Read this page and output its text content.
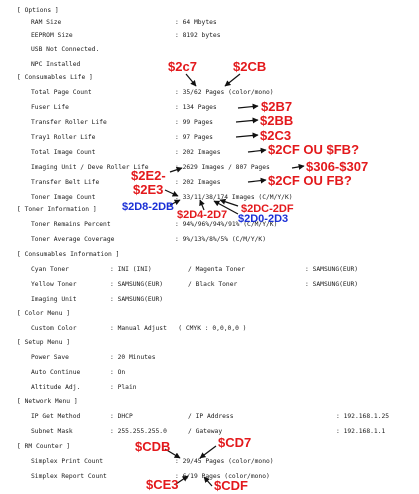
[ Options ]
RAM Size	: 64 Mbytes
EEPROM Size	: 8192 bytes
USB Not Connected.
NPC Installed
[ Consumables Life ]
Total Page Count	: 35/62 Pages (color/mono)
Fuser Life	: 134 Pages
Transfer Roller Life	: 99 Pages
Tray1 Roller Life	: 97 Pages
Total Image Count	: 202 Images
Imaging Unit / Deve Roller Life	: 2629 Images / 807 Pages
Transfer Belt Life	: 202 Images
Toner Image Count	: 33/11/38/174 Images (C/M/Y/K)
[ Toner Information ]
Toner Remains Percent	: 94%/96%/94%/91% (C/M/Y/K)
Toner Average Coverage	: 9%/13%/8%/5% (C/M/Y/K)
[ Consumables Information ]
Cyan Toner	: INI (INI)	/ Magenta Toner	: SAMSUNG(EUR)
Yellow Toner	: SAMSUNG(EUR)	/ Black Toner	: SAMSUNG(EUR)
Imaging Unit	: SAMSUNG(EUR)
[ Color Menu ]
Custom Color	: Manual Adjust   ( CMYK : 0,0,0,0 )
[ Setup Menu ]
Power Save	: 20 Minutes
Auto Continue	: On
Altitude Adj.	: Plain
[ Network Menu ]
IP Get Method	: DHCP	/ IP Address	: 192.168.1.25
Subnet Mask	: 255.255.255.0	/ Gateway	: 192.168.1.1
[ RM Counter ]
Simplex Print Count	: 29/45 Pages (color/mono)
Simplex Report Count	: 6/19 Pages (color/mono)
$2c7	$2CB
$2B7
$2BB
$2C3
$2CF OU $FB?
$306-$307
$2E2-	$2CF OU FB?
$2E3
$2D8-2DB	$2DC-2DF
$2D4-2D7 $2D0-2D3
$CDB	$CD7
$CE3	$CDF
